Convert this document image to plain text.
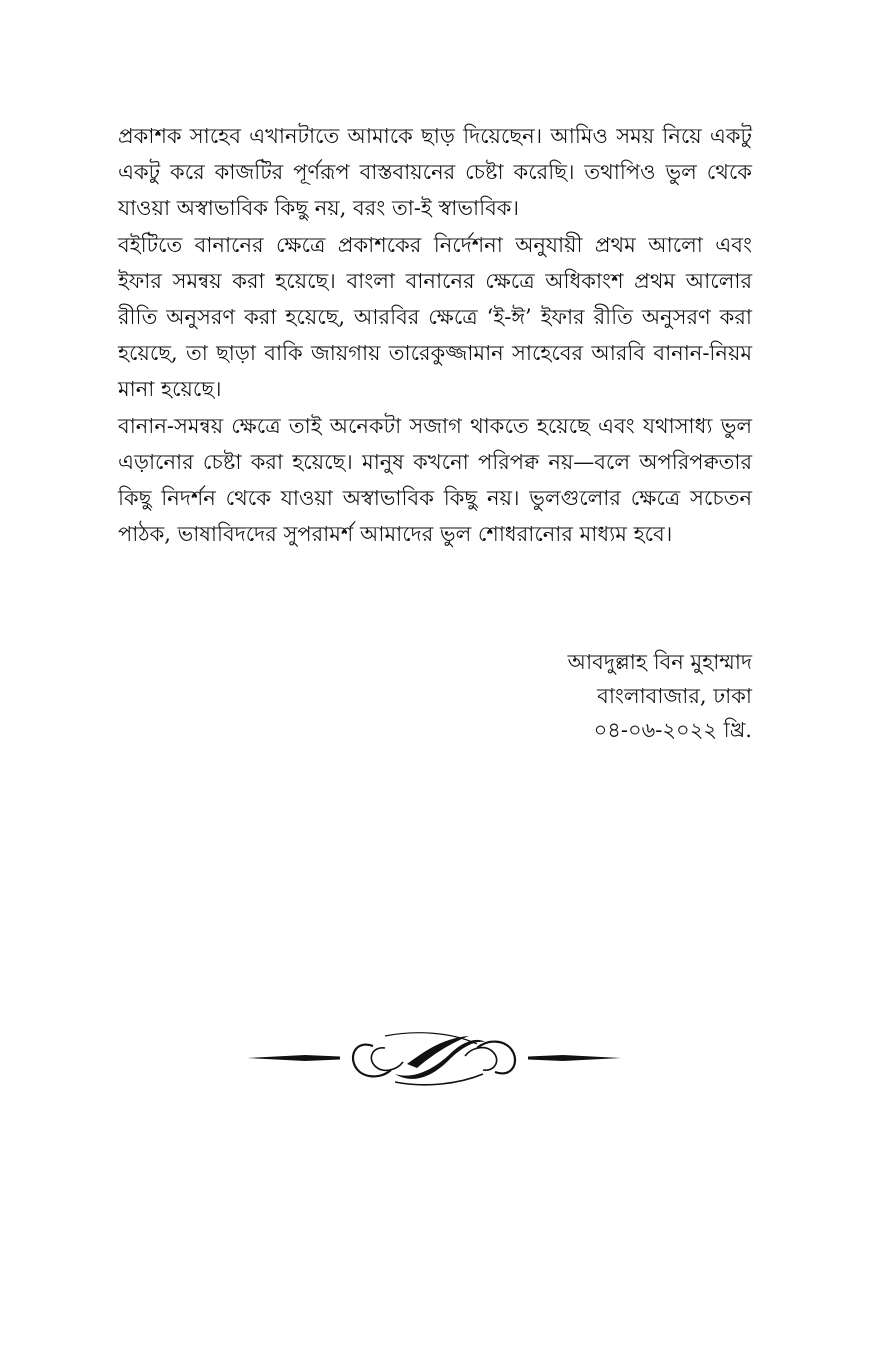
প্রকাশক সাহেব এখানটাতে আমাকে ছাড় দিয়েছেন। আমিও সময় নিয়ে একটু একটু করে কাজটির পূর্ণরূপ বাস্তবায়নের চেষ্টা করেছি। তথাপিও ভুল থেকে যাওয়া অস্বাভাবিক কিছু নয়, বরং তা-ই স্বাভাবিক।

বইটিতে বানানের ক্ষেত্রে প্রকাশকের নির্দেশনা অনুযায়ী প্রথম আলো এবং ইফার সমন্বয় করা হয়েছে। বাংলা বানানের ক্ষেত্রে অধিকাংশ প্রথম আলোর রীতি অনুসরণ করা হয়েছে, আরবির ক্ষেত্রে ‘ই-ঈ’ ইফার রীতি অনুসরণ করা হয়েছে, তা ছাড়া বাকি জায়গায় তারেকুজ্জামান সাহেবের আরবি বানান-নিয়ম মানা হয়েছে।

বানান-সমন্বয় ক্ষেত্রে তাই অনেকটা সজাগ থাকতে হয়েছে এবং যথাসাধ্য ভুল এড়ানোর চেষ্টা করা হয়েছে। মানুষ কখনো পরিপক্ব নয়—বলে অপরিপক্বতার কিছু নিদর্শন থেকে যাওয়া অস্বাভাবিক কিছু নয়। ভুলগুলোর ক্ষেত্রে সচেতন পাঠক, ভাষাবিদদের সুপরামর্শ আমাদের ভুল শোধরানোর মাধ্যম হবে।

আবদুল্লাহ বিন মুহাম্মাদ
বাংলাবাজার, ঢাকা
০৪-০৬-২০২২ খ্রি.
